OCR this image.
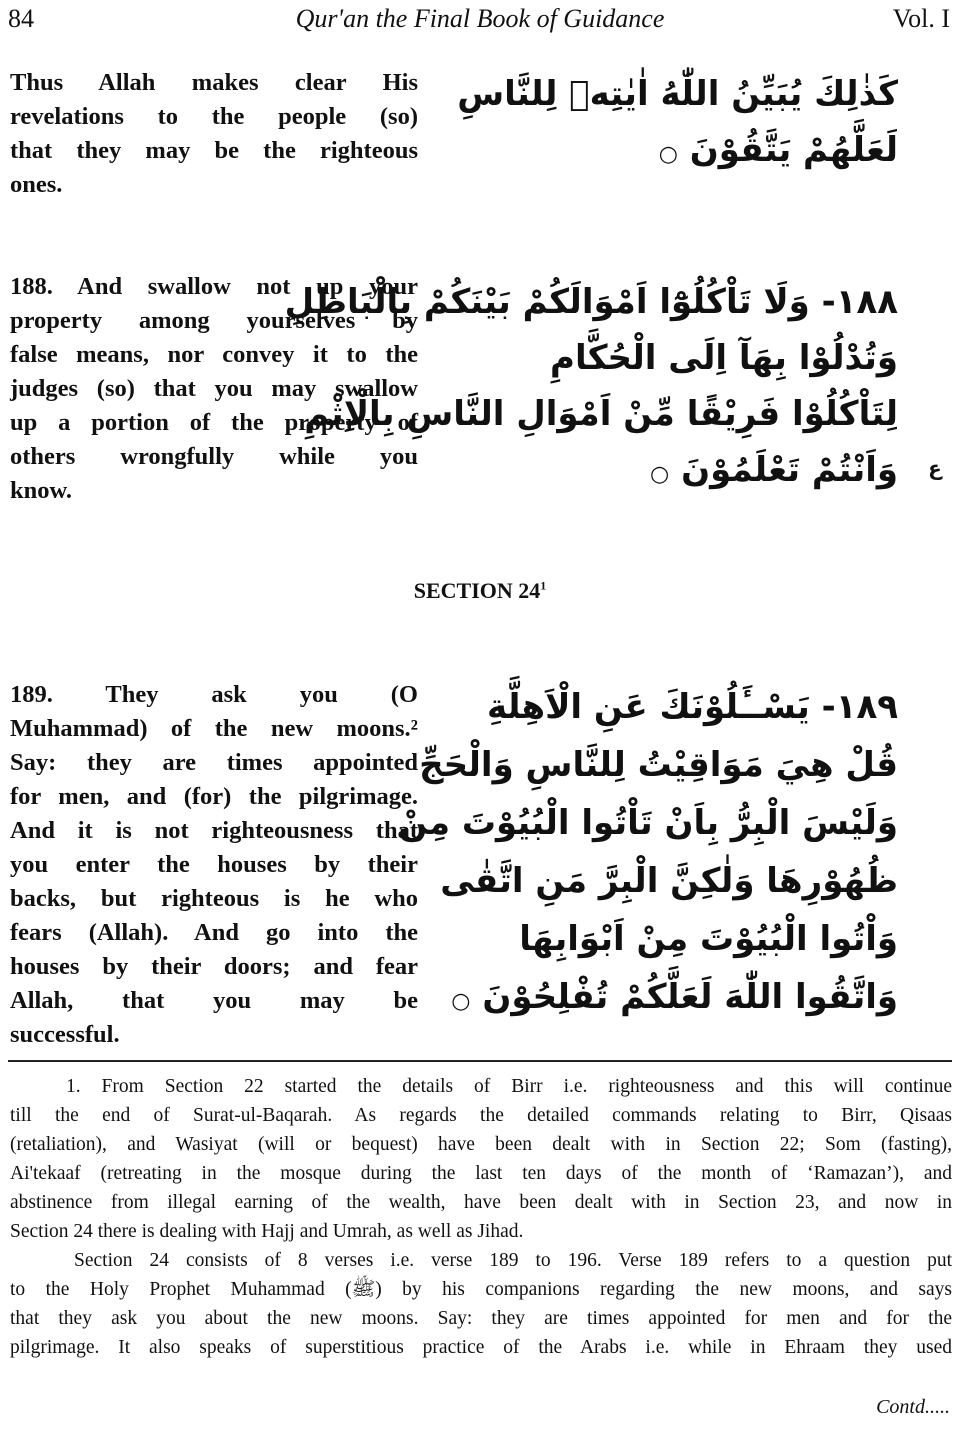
84	Qur'an the Final Book of Guidance	Vol. I
Thus Allah makes clear His
revelations to the people (so)
that they may be the righteous
ones.
كَذٰلِكَ يُبَيِّنُ اللّٰهُ اٰيٰتِهٖ لِلنَّاسِ
لَعَلَّهُمْ يَتَّقُوْنَ ○
188. And swallow not up your
property among yourselves by
false means, nor convey it to the
judges (so) that you may swallow
up a portion of the property of
others wrongfully while you
know.
١٨٨- وَلَا تَاْكُلُوْٓا اَمْوَالَكُمْ بَيْنَكُمْ بِالْبَاطِلِ
وَتُدْلُوْا بِهَآ اِلَى الْحُكَّامِ
لِتَاْكُلُوْا فَرِيْقًا مِّنْ اَمْوَالِ النَّاسِ بِالْاِثْمِ
وَاَنْتُمْ تَعْلَمُوْنَ ○	ع
SECTION $24^1$
189. They ask you (O
Muhammad) of the new moons.²
Say: they are times appointed
for men, and (for) the pilgrimage.
And it is not righteousness that
you enter the houses by their
backs, but righteous is he who
fears (Allah). And go into the
houses by their doors; and fear
Allah, that you may be
successful.
١٨٩- يَسْــَٔلُوْنَكَ عَنِ الْاَهِلَّةِ
قُلْ هِيَ مَوَاقِيْتُ لِلنَّاسِ وَالْحَجِّ
وَلَيْسَ الْبِرُّ بِاَنْ تَاْتُوا الْبُيُوْتَ مِنْ
ظُهُوْرِهَا وَلٰكِنَّ الْبِرَّ مَنِ اتَّقٰى
وَاْتُوا الْبُيُوْتَ مِنْ اَبْوَابِهَا
وَاتَّقُوا اللّٰهَ لَعَلَّكُمْ تُفْلِحُوْنَ ○
1. From Section 22 started the details of Birr i.e. righteousness and this will continue
till the end of Surat-ul-Baqarah. As regards the detailed commands relating to Birr, Qisaas
(retaliation), and Wasiyat (will or bequest) have been dealt with in Section 22; Som (fasting),
Ai'tekaaf (retreating in the mosque during the last ten days of the month of ‘Ramazan’), and
abstinence from illegal earning of the wealth, have been dealt with in Section 23, and now in
Section 24 there is dealing with Hajj and Umrah, as well as Jihad.
Section 24 consists of 8 verses i.e. verse 189 to 196. Verse 189 refers to a question put
to the Holy Prophet Muhammad (ﷺ) by his companions regarding the new moons, and says
that they ask you about the new moons. Say: they are times appointed for men and for the
pilgrimage. It also speaks of superstitious practice of the Arabs i.e. while in Ehraam they used
Contd.....
